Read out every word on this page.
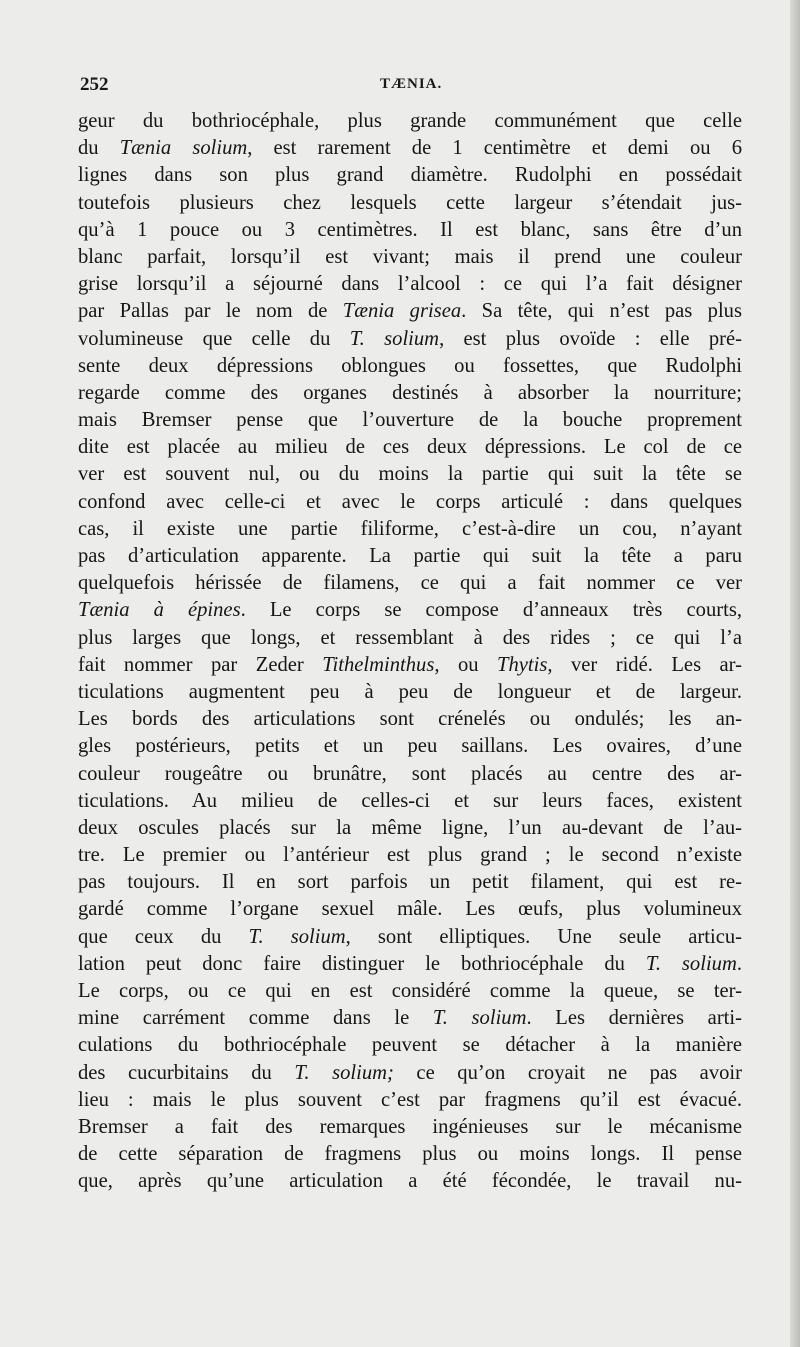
252	TÆNIA.
geur du bothriocéphale, plus grande communément que celle
du Tænia solium, est rarement de 1 centimètre et demi ou 6
lignes dans son plus grand diamètre. Rudolphi en possédait
toutefois plusieurs chez lesquels cette largeur s’étendait jus-
qu’à 1 pouce ou 3 centimètres. Il est blanc, sans être d’un
blanc parfait, lorsqu’il est vivant; mais il prend une couleur
grise lorsqu’il a séjourné dans l’alcool : ce qui l’a fait désigner
par Pallas par le nom de Tænia grisea. Sa tête, qui n’est pas plus
volumineuse que celle du T. solium, est plus ovoïde : elle pré-
sente deux dépressions oblongues ou fossettes, que Rudolphi
regarde comme des organes destinés à absorber la nourriture;
mais Bremser pense que l’ouverture de la bouche proprement
dite est placée au milieu de ces deux dépressions. Le col de ce
ver est souvent nul, ou du moins la partie qui suit la tête se
confond avec celle-ci et avec le corps articulé : dans quelques
cas, il existe une partie filiforme, c’est-à-dire un cou, n’ayant
pas d’articulation apparente. La partie qui suit la tête a paru
quelquefois hérissée de filamens, ce qui a fait nommer ce ver
Tænia à épines. Le corps se compose d’anneaux très courts,
plus larges que longs, et ressemblant à des rides ; ce qui l’a
fait nommer par Zeder Tithelminthus, ou Thytis, ver ridé. Les ar-
ticulations augmentent peu à peu de longueur et de largeur.
Les bords des articulations sont crénelés ou ondulés; les an-
gles postérieurs, petits et un peu saillans. Les ovaires, d’une
couleur rougeâtre ou brunâtre, sont placés au centre des ar-
ticulations. Au milieu de celles-ci et sur leurs faces, existent
deux oscules placés sur la même ligne, l’un au-devant de l’au-
tre. Le premier ou l’antérieur est plus grand ; le second n’existe
pas toujours. Il en sort parfois un petit filament, qui est re-
gardé comme l’organe sexuel mâle. Les œufs, plus volumineux
que ceux du T. solium, sont elliptiques. Une seule articu-
lation peut donc faire distinguer le bothriocéphale du T. solium.
Le corps, ou ce qui en est considéré comme la queue, se ter-
mine carrément comme dans le T. solium. Les dernières arti-
culations du bothriocéphale peuvent se détacher à la manière
des cucurbitains du T. solium; ce qu’on croyait ne pas avoir
lieu : mais le plus souvent c’est par fragmens qu’il est évacué.
Bremser a fait des remarques ingénieuses sur le mécanisme
de cette séparation de fragmens plus ou moins longs. Il pense
que, après qu’une articulation a été fécondée, le travail nu-
